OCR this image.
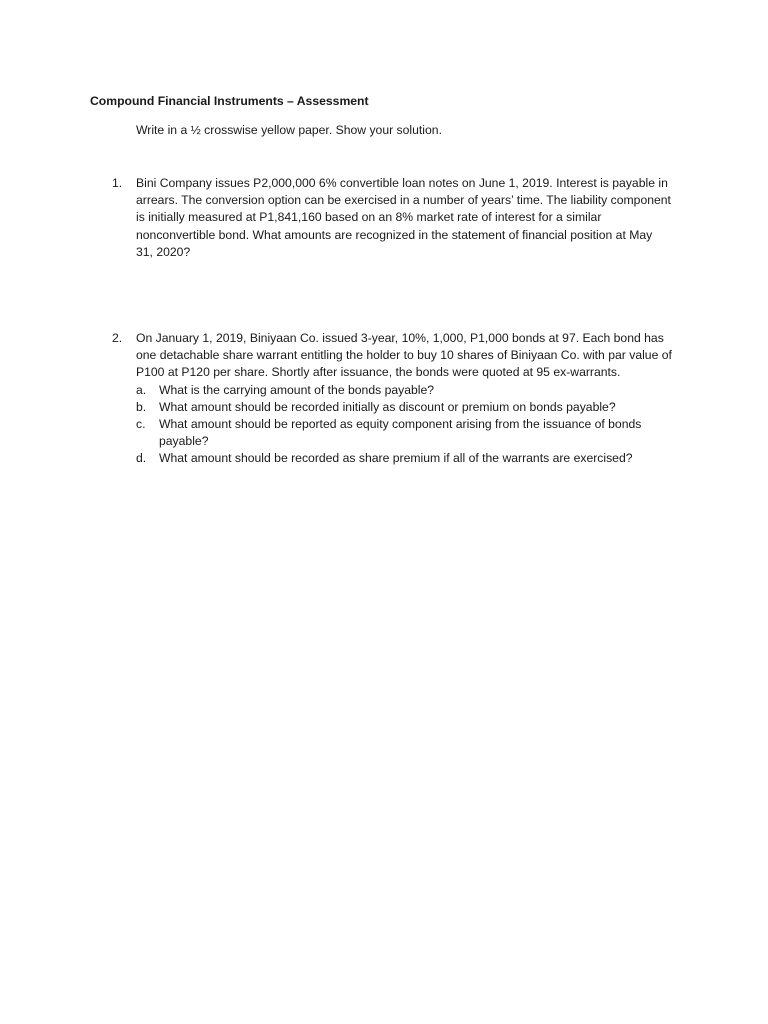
Compound Financial Instruments – Assessment
Write in a ½ crosswise yellow paper. Show your solution.
1.	Bini Company issues P2,000,000 6% convertible loan notes on June 1, 2019. Interest is payable in arrears. The conversion option can be exercised in a number of years’ time. The liability component is initially measured at P1,841,160 based on an 8% market rate of interest for a similar nonconvertible bond. What amounts are recognized in the statement of financial position at May 31, 2020?
2.	On January 1, 2019, Biniyaan Co. issued 3-year, 10%, 1,000, P1,000 bonds at 97. Each bond has one detachable share warrant entitling the holder to buy 10 shares of Biniyaan Co. with par value of P100 at P120 per share. Shortly after issuance, the bonds were quoted at 95 ex-warrants.
a.	What is the carrying amount of the bonds payable?
b.	What amount should be recorded initially as discount or premium on bonds payable?
c.	What amount should be reported as equity component arising from the issuance of bonds payable?
d.	What amount should be recorded as share premium if all of the warrants are exercised?
